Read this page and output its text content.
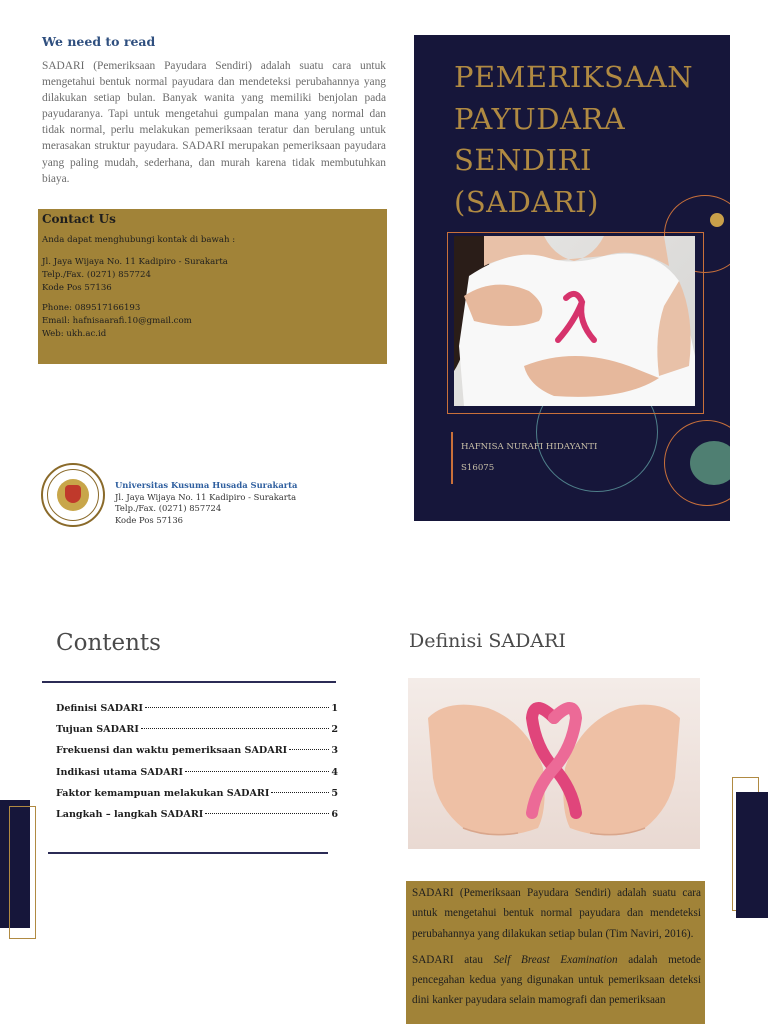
We need to read
SADARI (Pemeriksaan Payudara Sendiri) adalah suatu cara untuk mengetahui bentuk normal payudara dan mendeteksi perubahannya yang dilakukan setiap bulan. Banyak wanita yang memiliki benjolan pada payudaranya. Tapi untuk mengetahui gumpalan mana yang normal dan tidak normal, perlu melakukan pemeriksaan teratur dan berulang untuk merasakan struktur payudara. SADARI merupakan pemeriksaan payudara yang paling mudah, sederhana, dan murah karena tidak membutuhkan biaya.
Contact Us

Anda dapat menghubungi kontak di bawah :

Jl. Jaya Wijaya No. 11 Kadipiro - Surakarta

Telp./Fax. (0271) 857724

Kode Pos 57136

Phone: 089517166193

Email: hafnisaarafi.10@gmail.com

Web: ukh.ac.id

Universitas Kusuma Husada Surakarta
Jl. Jaya Wijaya No. 11 Kadipiro - Surakarta
Telp./Fax. (0271) 857724
Kode Pos 57136
PEMERIKSAAN
PAYUDARA
SENDIRI
(SADARI)
HAFNISA NURAFI HIDAYANTI
S16075
Contents
Definisi SADARI	1
Tujuan SADARI	2
Frekuensi dan waktu pemeriksaan SADARI	3
Indikasi utama SADARI	4
Faktor kemampuan melakukan SADARI	5
Langkah – langkah SADARI	6
Definisi SADARI

SADARI (Pemeriksaan Payudara Sendiri) adalah suatu cara untuk mengetahui bentuk normal payudara dan mendeteksi perubahannya yang dilakukan setiap bulan (Tim Naviri, 2016).

SADARI atau Self Breast Examination adalah metode pencegahan kedua yang digunakan untuk pemeriksaan deteksi dini kanker payudara selain mamografi dan pemeriksaan
